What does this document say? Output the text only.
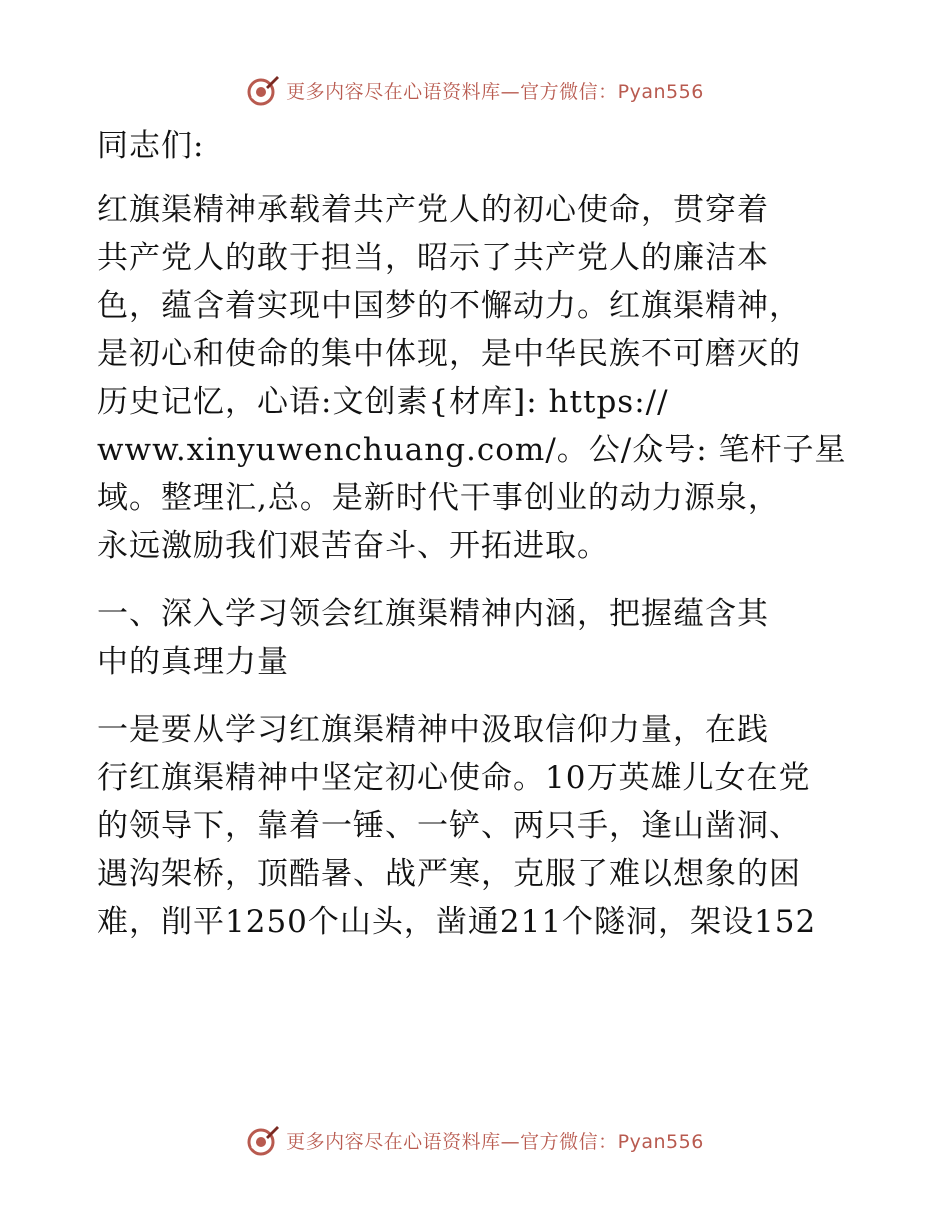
更多内容尽在心语资料库—官方微信：Pyan556

同志们:

红旗渠精神承载着共产党人的初心使命，贯穿着
共产党人的敢于担当，昭示了共产党人的廉洁本
色，蕴含着实现中国梦的不懈动力。红旗渠精神，
是初心和使命的集中体现，是中华民族不可磨灭的
历史记忆，心语:文创素{材库]: https://
www.xinyuwenchuang.com/。公/众号: 笔杆子星
域。整理汇,总。是新时代干事创业的动力源泉，
永远激励我们艰苦奋斗、开拓进取。

一、深入学习领会红旗渠精神内涵，把握蕴含其
中的真理力量

一是要从学习红旗渠精神中汲取信仰力量，在践
行红旗渠精神中坚定初心使命。10万英雄儿女在党
的领导下，靠着一锤、一铲、两只手，逢山凿洞、
遇沟架桥，顶酷暑、战严寒，克服了难以想象的困
难，削平1250个山头，凿通211个隧洞，架设152

更多内容尽在心语资料库—官方微信：Pyan556
